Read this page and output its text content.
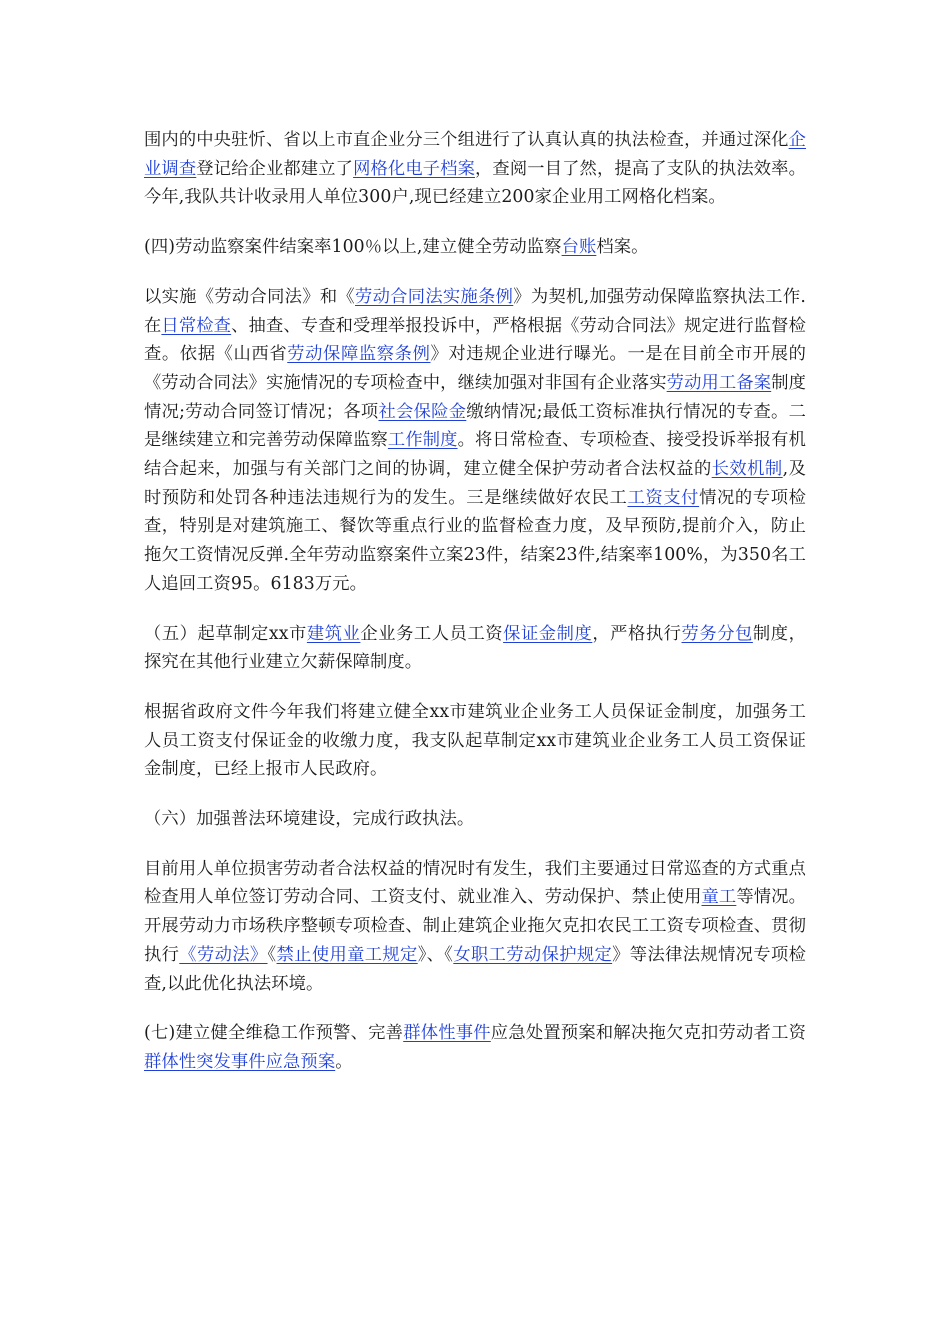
围内的中央驻忻、省以上市直企业分三个组进行了认真认真的执法检查，并通过深化企业调查登记给企业都建立了网格化电子档案，查阅一目了然，提高了支队的执法效率。今年,我队共计收录用人单位300户,现已经建立200家企业用工网格化档案。

(四)劳动监察案件结案率100％以上,建立健全劳动监察台账档案。

以实施《劳动合同法》和《劳动合同法实施条例》为契机,加强劳动保障监察执法工作.在日常检查、抽查、专查和受理举报投诉中，严格根据《劳动合同法》规定进行监督检查。依据《山西省劳动保障监察条例》对违规企业进行曝光。一是在目前全市开展的《劳动合同法》实施情况的专项检查中，继续加强对非国有企业落实劳动用工备案制度情况;劳动合同签订情况；各项社会保险金缴纳情况;最低工资标准执行情况的专查。二是继续建立和完善劳动保障监察工作制度。将日常检查、专项检查、接受投诉举报有机结合起来，加强与有关部门之间的协调，建立健全保护劳动者合法权益的长效机制,及时预防和处罚各种违法违规行为的发生。三是继续做好农民工工资支付情况的专项检查，特别是对建筑施工、餐饮等重点行业的监督检查力度，及早预防,提前介入，防止拖欠工资情况反弹.全年劳动监察案件立案23件，结案23件,结案率100%，为350名工人追回工资95。6183万元。

（五）起草制定xx市建筑业企业务工人员工资保证金制度，严格执行劳务分包制度，探究在其他行业建立欠薪保障制度。

根据省政府文件今年我们将建立健全xx市建筑业企业务工人员保证金制度，加强务工人员工资支付保证金的收缴力度，我支队起草制定xx市建筑业企业务工人员工资保证金制度，已经上报市人民政府。

（六）加强普法环境建设，完成行政执法。

目前用人单位损害劳动者合法权益的情况时有发生，我们主要通过日常巡查的方式重点检查用人单位签订劳动合同、工资支付、就业准入、劳动保护、禁止使用童工等情况。开展劳动力市场秩序整顿专项检查、制止建筑企业拖欠克扣农民工工资专项检查、贯彻执行《劳动法》《禁止使用童工规定》、《女职工劳动保护规定》等法律法规情况专项检查,以此优化执法环境。

(七)建立健全维稳工作预警、完善群体性事件应急处置预案和解决拖欠克扣劳动者工资群体性突发事件应急预案。
